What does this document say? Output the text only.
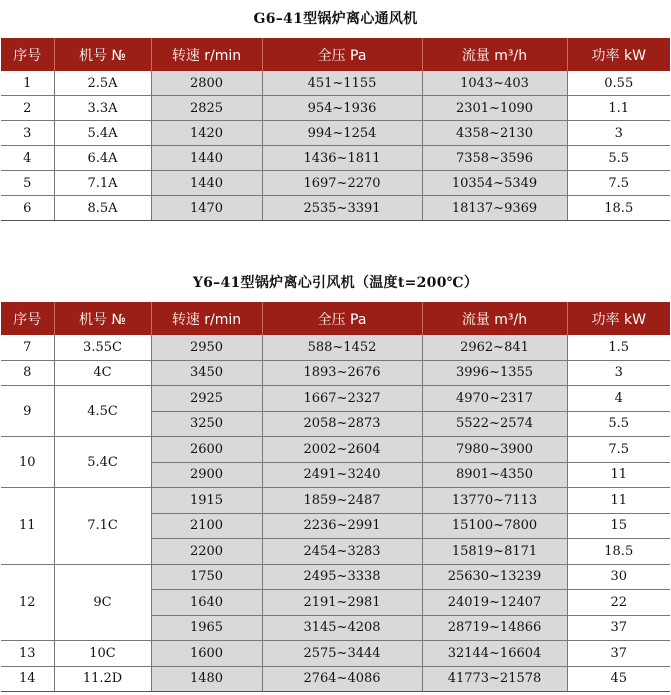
G6–41型锅炉离心通风机
序号	机号 №	转速 r/min	全压 Pa	流量 m³/h	功率 kW
1	2.5A	2800	451~1155	1043~403	0.55
2	3.3A	2825	954~1936	2301~1090	1.1
3	5.4A	1420	994~1254	4358~2130	3
4	6.4A	1440	1436~1811	7358~3596	5.5
5	7.1A	1440	1697~2270	10354~5349	7.5
6	8.5A	1470	2535~3391	18137~9369	18.5
Y6–41型锅炉离心引风机（温度t=200℃）
序号	机号 №	转速 r/min	全压 Pa	流量 m³/h	功率 kW
7	3.55C	2950	588~1452	2962~841	1.5
8	4C	3450	1893~2676	3996~1355	3
9	4.5C	2925	1667~2327	4970~2317	4
		3250	2058~2873	5522~2574	5.5
10	5.4C	2600	2002~2604	7980~3900	7.5
		2900	2491~3240	8901~4350	11
11	7.1C	1915	1859~2487	13770~7113	11
		2100	2236~2991	15100~7800	15
		2200	2454~3283	15819~8171	18.5
12	9C	1750	2495~3338	25630~13239	30
		1640	2191~2981	24019~12407	22
		1965	3145~4208	28719~14866	37
13	10C	1600	2575~3444	32144~16604	37
14	11.2D	1480	2764~4086	41773~21578	45
